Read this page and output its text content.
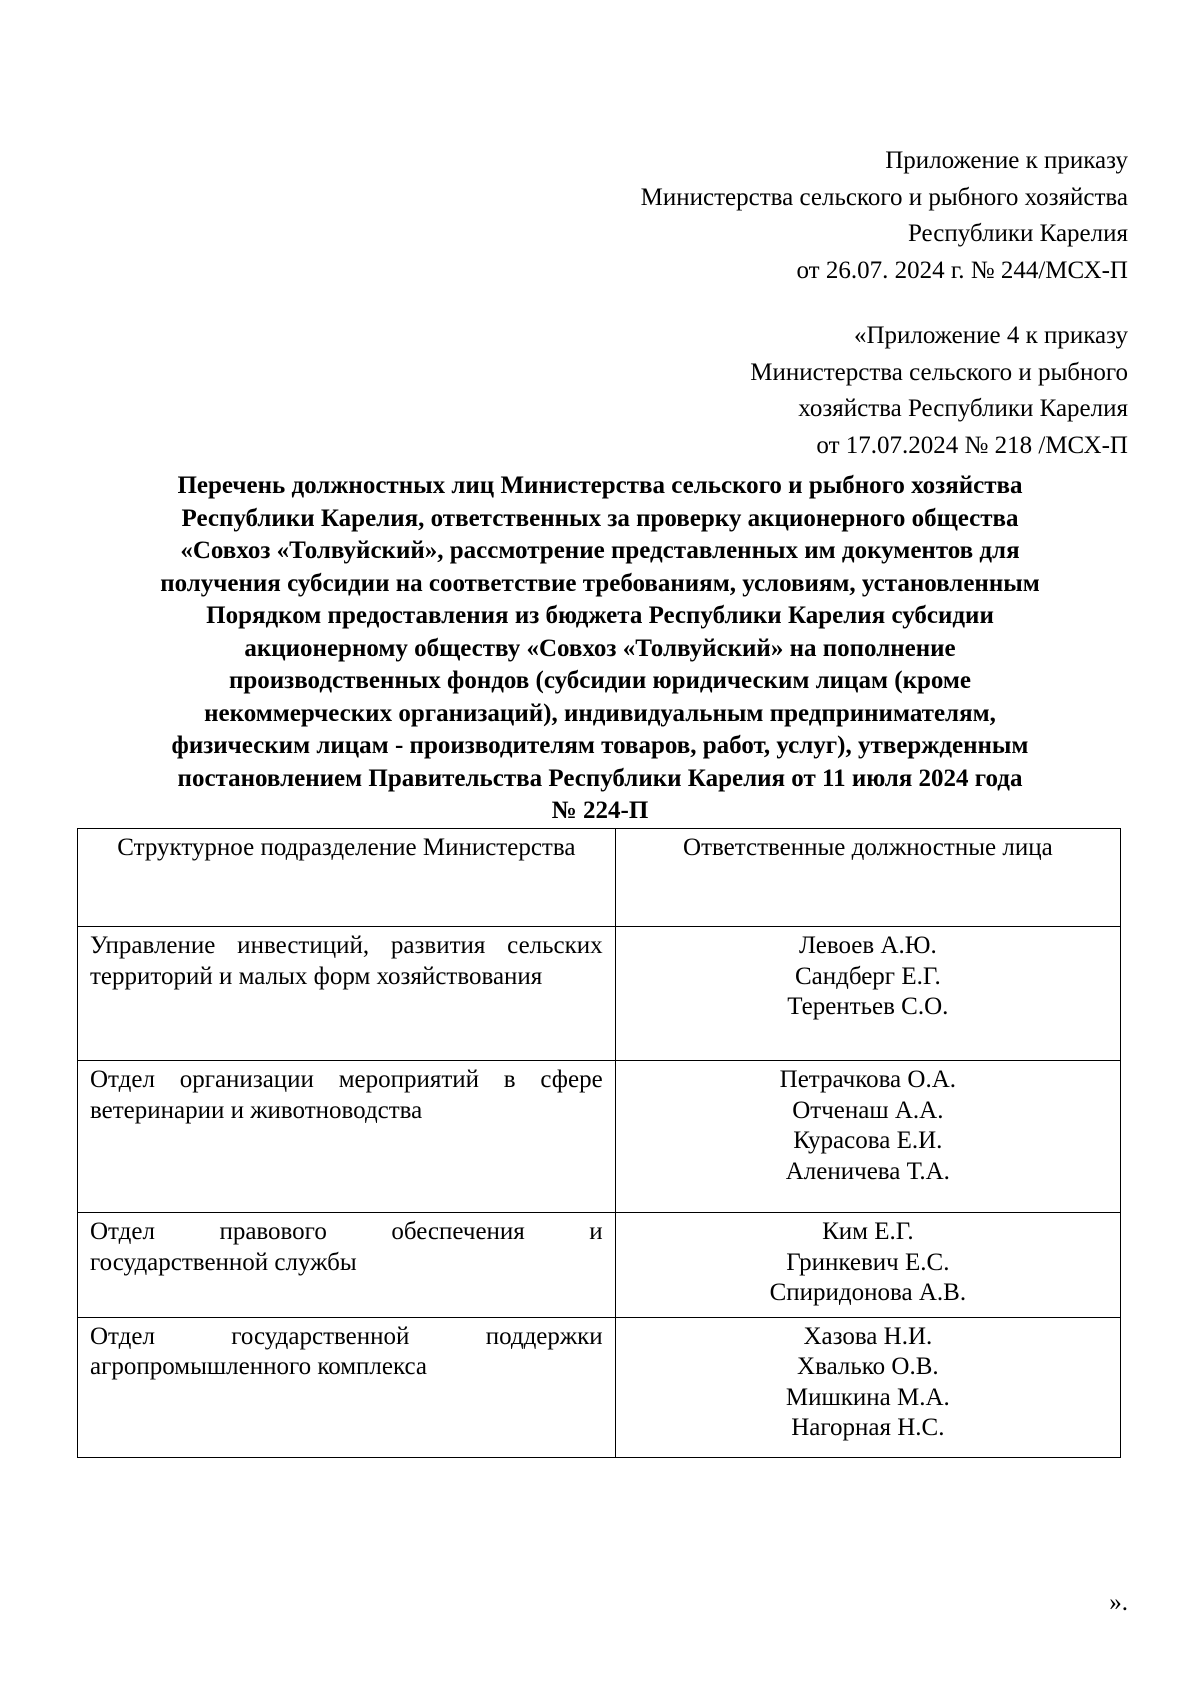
Приложение к приказу
Министерства сельского и рыбного хозяйства
Республики Карелия
от 26.07. 2024 г. № 244/МСХ-П
«Приложение 4 к приказу
Министерства сельского и рыбного
хозяйства Республики Карелия
от 17.07.2024 № 218 /МСХ-П
Перечень должностных лиц Министерства сельского и рыбного хозяйства
Республики Карелия, ответственных за проверку акционерного общества
«Совхоз «Толвуйский», рассмотрение представленных им документов для
получения субсидии на соответствие требованиям, условиям, установленным
Порядком предоставления из бюджета Республики Карелия субсидии
акционерному обществу «Совхоз «Толвуйский» на пополнение
производственных фондов (субсидии юридическим лицам (кроме
некоммерческих организаций), индивидуальным предпринимателям,
физическим лицам - производителям товаров, работ, услуг), утвержденным
постановлением Правительства Республики Карелия от 11 июля 2024 года
№ 224-П
Структурное подразделение Министерства	Ответственные должностные лица
Управление инвестиций, развития сельских территорий и малых форм хозяйствования	Левоев А.Ю.
Сандберг Е.Г.
Терентьев С.О.

Отдел организации мероприятий в сфере ветеринарии и животноводства	Петрачкова О.А.
Отченаш А.А.
Курасова Е.И.
Аленичева Т.А.

Отдел правового обеспечения и государственной службы	Ким Е.Г.
Гринкевич Е.С.
Спиридонова А.В.

Отдел государственной поддержки агропромышленного комплекса	Хазова Н.И.
Хвалько О.В.
Мишкина М.А.
Нагорная Н.С.
».
